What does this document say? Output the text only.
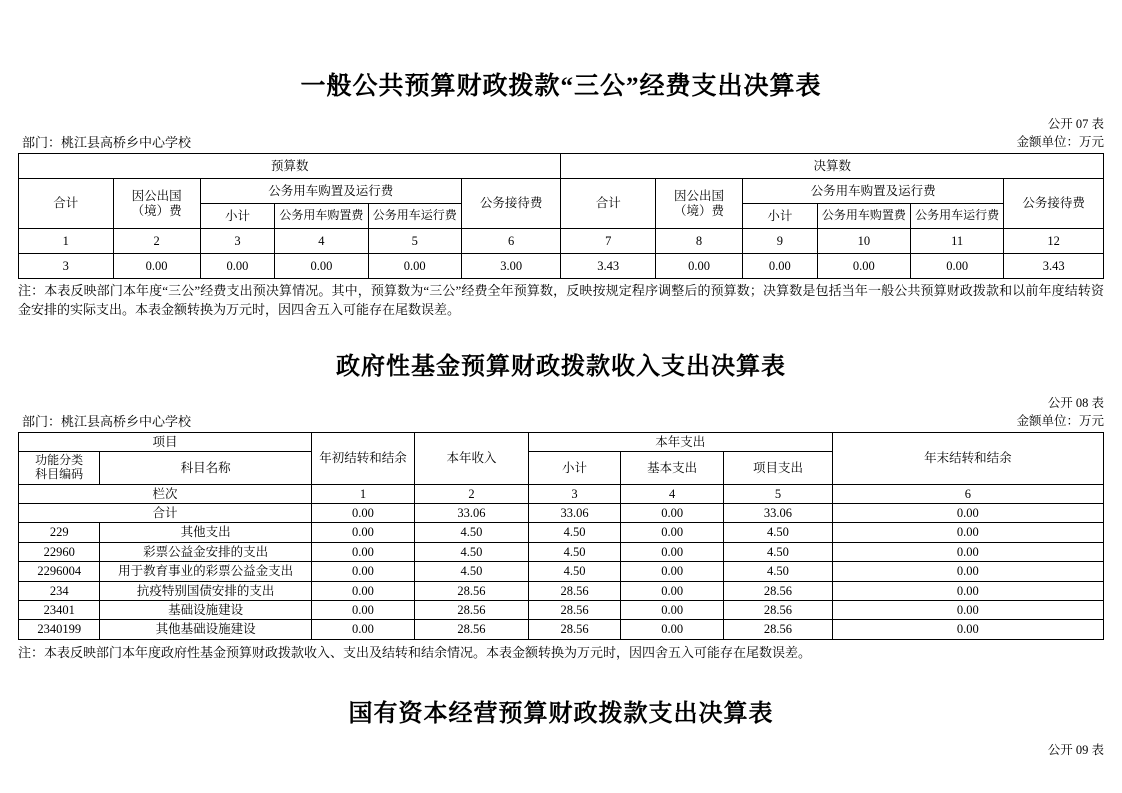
一般公共预算财政拨款“三公”经费支出决算表
公开 07 表
部门：桃江县高桥乡中心学校	金额单位：万元
预算数						决算数					
合计	因公出国（境）费	公务用车购置及运行费			公务接待费	合计	因公出国（境）费	公务用车购置及运行费			公务接待费
		小计	公务用车购置费	公务用车运行费				小计	公务用车购置费	公务用车运行费	

1	2	3	4	5	6	7	8	9	10	11	12
3	0.00	0.00	0.00	0.00	3.00	3.43	0.00	0.00	0.00	0.00	3.43
注：本表反映部门本年度“三公”经费支出预决算情况。其中，预算数为“三公”经费全年预算数，反映按规定程序调整后的预算数；决算数是包括当年一般公共预算财政拨款和以前年度结转资金安排的实际支出。本表金额转换为万元时，因四舍五入可能存在尾数误差。
政府性基金预算财政拨款收入支出决算表
公开 08 表
部门：桃江县高桥乡中心学校	金额单位：万元
项目		年初结转和结余	本年收入	本年支出			年末结转和结余
功能分类
科目编码	科目名称			小计	基本支出	项目支出	
栏次		1	2	3	4	5	6
合计		0.00	33.06	33.06	0.00	33.06	0.00
229	其他支出	0.00	4.50	4.50	0.00	4.50	0.00
22960	彩票公益金安排的支出	0.00	4.50	4.50	0.00	4.50	0.00
2296004	用于教育事业的彩票公益金支出	0.00	4.50	4.50	0.00	4.50	0.00
234	抗疫特别国债安排的支出	0.00	28.56	28.56	0.00	28.56	0.00
23401	基础设施建设	0.00	28.56	28.56	0.00	28.56	0.00
2340199	其他基础设施建设	0.00	28.56	28.56	0.00	28.56	0.00
注：本表反映部门本年度政府性基金预算财政拨款收入、支出及结转和结余情况。本表金额转换为万元时，因四舍五入可能存在尾数误差。
国有资本经营预算财政拨款支出决算表
公开 09 表
